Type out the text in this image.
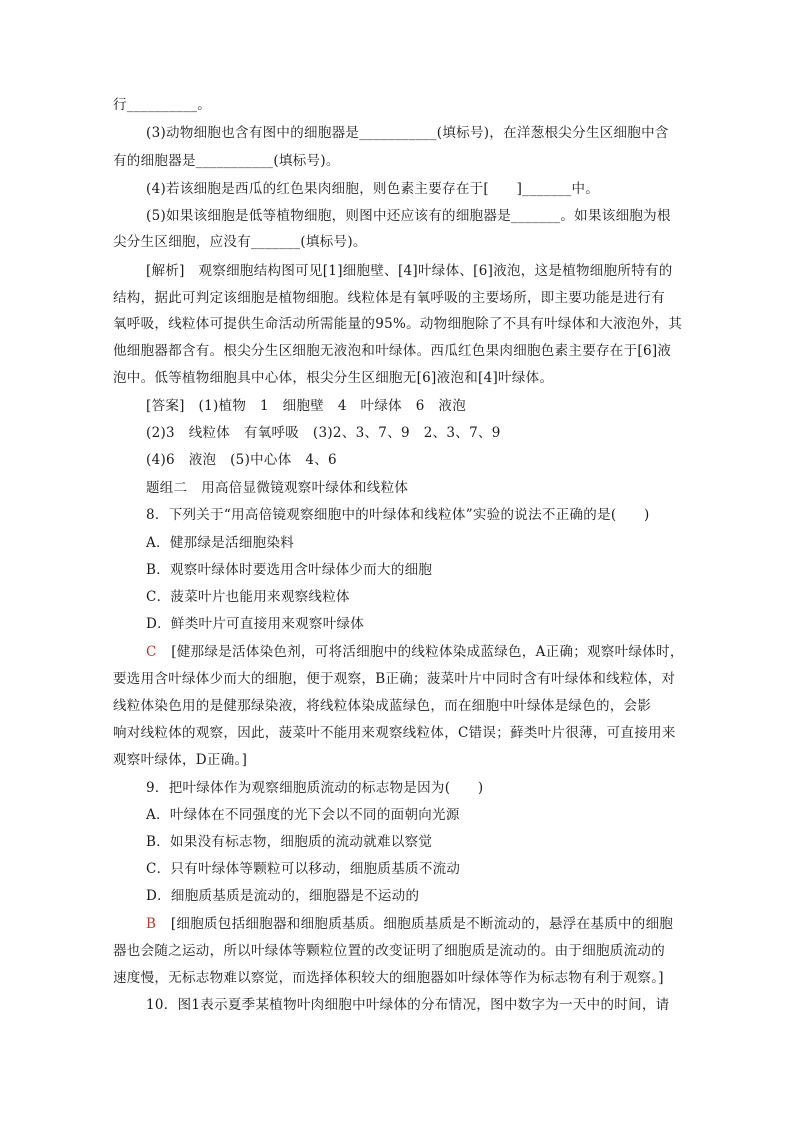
行__________。
(3)动物细胞也含有图中的细胞器是___________(填标号)，在洋葱根尖分生区细胞中含
有的细胞器是___________(填标号)。
(4)若该细胞是西瓜的红色果肉细胞，则色素主要存在于[　　]_______中。
(5)如果该细胞是低等植物细胞，则图中还应该有的细胞器是_______。如果该细胞为根
尖分生区细胞，应没有_______(填标号)。
[解析]　观察细胞结构图可见[1]细胞壁、[4]叶绿体、[6]液泡，这是植物细胞所特有的
结构，据此可判定该细胞是植物细胞。线粒体是有氧呼吸的主要场所，即主要功能是进行有
氧呼吸，线粒体可提供生命活动所需能量的95%。动物细胞除了不具有叶绿体和大液泡外，其
他细胞器都含有。根尖分生区细胞无液泡和叶绿体。西瓜红色果肉细胞色素主要存在于[6]液
泡中。低等植物细胞具中心体，根尖分生区细胞无[6]液泡和[4]叶绿体。
[答案]　(1)植物　1　细胞壁　4　叶绿体　6　液泡
(2)3　线粒体　有氧呼吸　(3)2、3、7、9　2、3、7、9
(4)6　液泡　(5)中心体　4、6
题组二　用高倍显微镜观察叶绿体和线粒体
8．下列关于“用高倍镜观察细胞中的叶绿体和线粒体”实验的说法不正确的是(　　)
A．健那绿是活细胞染料
B．观察叶绿体时要选用含叶绿体少而大的细胞
C．菠菜叶片也能用来观察线粒体
D．鲜类叶片可直接用来观察叶绿体
C [健那绿是活体染色剂，可将活细胞中的线粒体染成蓝绿色，A正确；观察叶绿体时，
要选用含叶绿体少而大的细胞，便于观察，B正确；菠菜叶片中同时含有叶绿体和线粒体，对
线粒体染色用的是健那绿染液，将线粒体染成蓝绿色，而在细胞中叶绿体是绿色的，会影
响对线粒体的观察，因此，菠菜叶不能用来观察线粒体，C错误；藓类叶片很薄，可直接用来
观察叶绿体，D正确。]
9．把叶绿体作为观察细胞质流动的标志物是因为(　　)
A．叶绿体在不同强度的光下会以不同的面朝向光源
B．如果没有标志物，细胞质的流动就难以察觉
C．只有叶绿体等颗粒可以移动，细胞质基质不流动
D．细胞质基质是流动的，细胞器是不运动的
B [细胞质包括细胞器和细胞质基质。细胞质基质是不断流动的，悬浮在基质中的细胞
器也会随之运动，所以叶绿体等颗粒位置的改变证明了细胞质是流动的。由于细胞质流动的
速度慢，无标志物难以察觉，而选择体积较大的细胞器如叶绿体等作为标志物有利于观察。]
10．图1表示夏季某植物叶肉细胞中叶绿体的分布情况，图中数字为一天中的时间，请
